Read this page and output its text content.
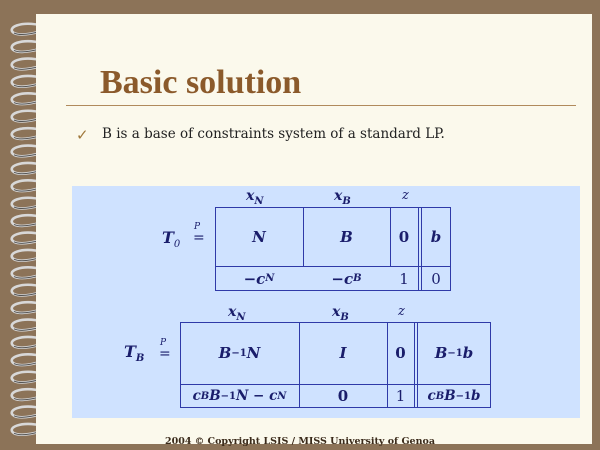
Basic solution
✓ B is a base of constraints system of a standard LP.
$x_N$	$x_B$	z
$T_0$
P
=	N	B	0	b
−c N	−c B	1	0
$x_N$	$x_B$	z
$T_B$
P
=	B −1 N	I	0	B −1 b
c B B −1 N − c N	0	1	c B B −1 b
2004 © Copyright LSIS / MISS University of Genoa
